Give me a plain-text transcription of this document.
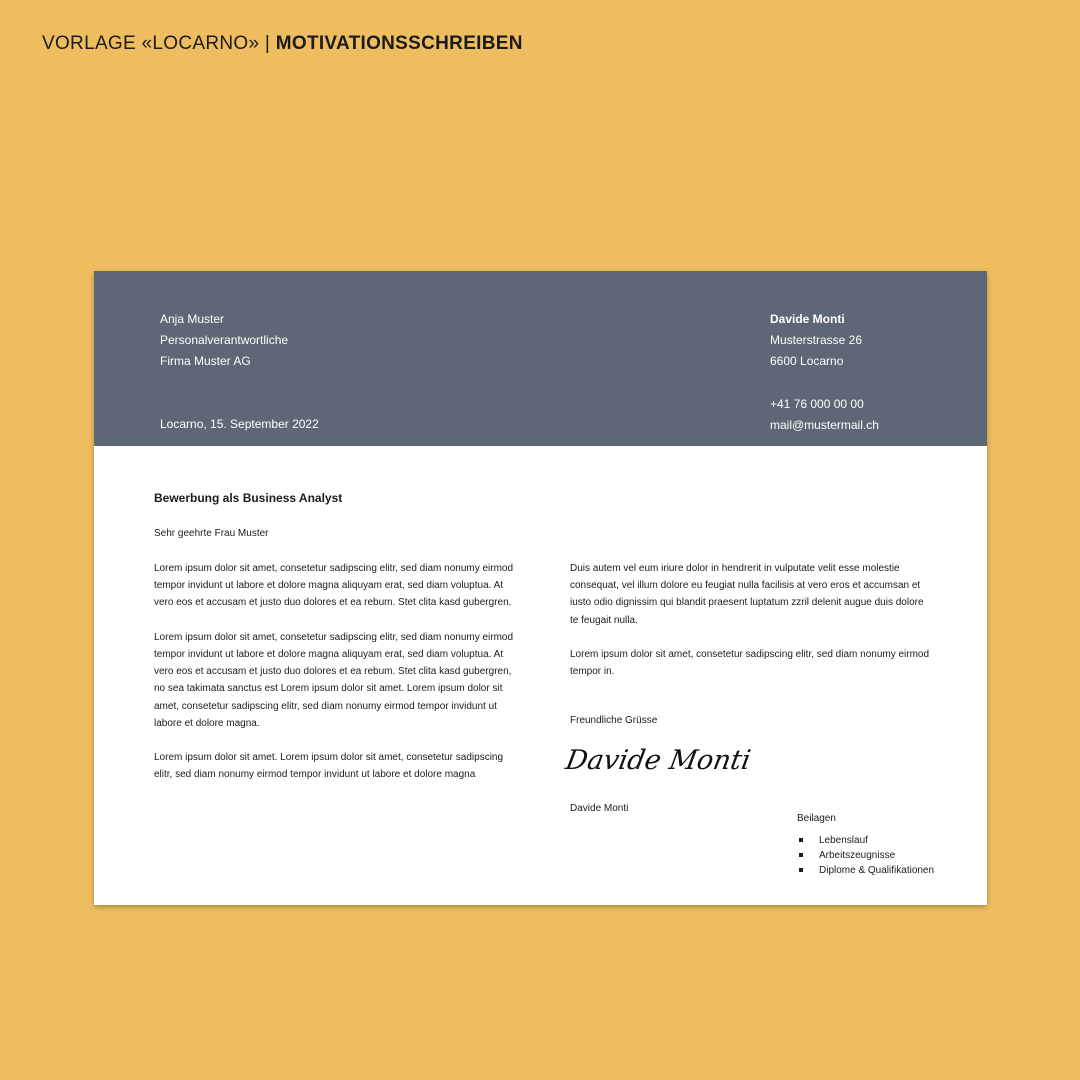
VORLAGE «LOCARNO» | MOTIVATIONSSCHREIBEN
Anja Muster
Personalverantwortliche
Firma Muster AG
Locarno, 15. September 2022
Davide Monti
Musterstrasse 26
6600 Locarno
+41 76 000 00 00
mail@mustermail.ch
Bewerbung als Business Analyst
Sehr geehrte Frau Muster

Lorem ipsum dolor sit amet, consetetur sadipscing elitr, sed diam nonumy eirmod tempor invidunt ut labore et dolore magna aliquyam erat, sed diam voluptua. At vero eos et accusam et justo duo dolores et ea rebum. Stet clita kasd gubergren.

Lorem ipsum dolor sit amet, consetetur sadipscing elitr, sed diam nonumy eirmod tempor invidunt ut labore et dolore magna aliquyam erat, sed diam voluptua. At vero eos et accusam et justo duo dolores et ea rebum. Stet clita kasd gubergren, no sea takimata sanctus est Lorem ipsum dolor sit amet. Lorem ipsum dolor sit amet, consetetur sadipscing elitr, sed diam nonumy eirmod tempor invidunt ut labore et dolore magna.

Lorem ipsum dolor sit amet. Lorem ipsum dolor sit amet, consetetur sadipscing elitr, sed diam nonumy eirmod tempor invidunt ut labore et dolore magna

Duis autem vel eum iriure dolor in hendrerit in vulputate velit esse molestie consequat, vel illum dolore eu feugiat nulla facilisis at vero eros et accumsan et iusto odio dignissim qui blandit praesent luptatum zzril delenit augue duis dolore te feugait nulla.

Lorem ipsum dolor sit amet, consetetur sadipscing elitr, sed diam nonumy eirmod tempor in.

Freundliche Grüsse
Davide Monti
Davide Monti
Beilagen
Lebenslauf
Arbeitszeugnisse
Diplome & Qualifikationen
